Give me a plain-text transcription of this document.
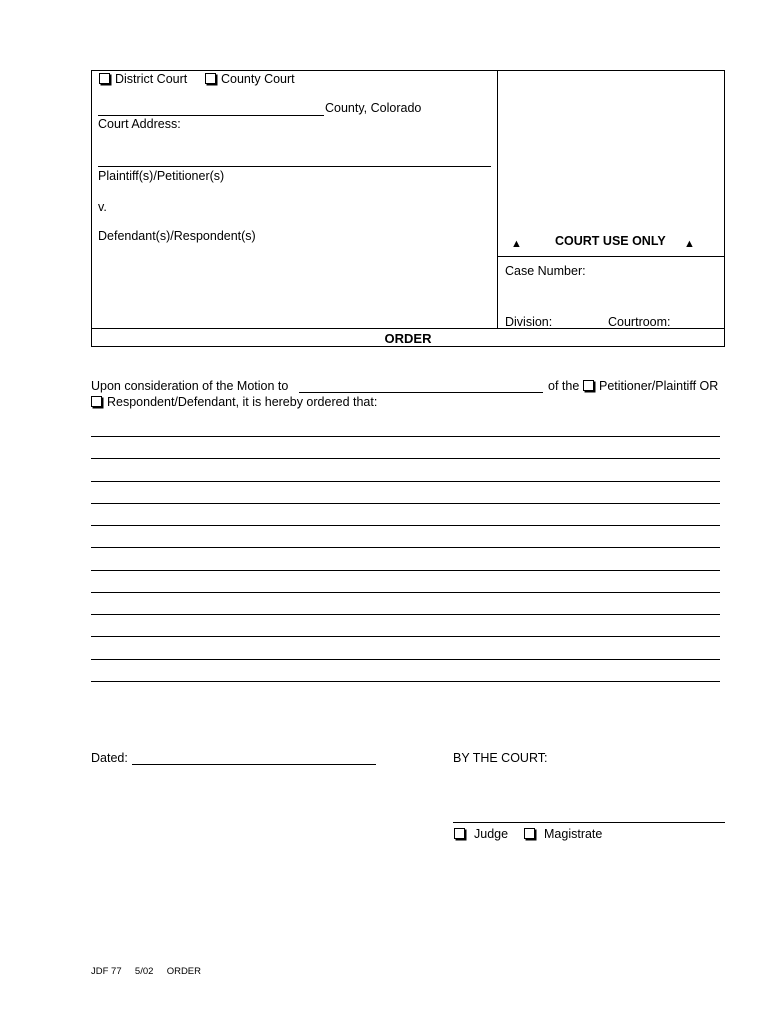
District Court	County Court
County, Colorado
Court Address:
Plaintiff(s)/Petitioner(s)
v.
Defendant(s)/Respondent(s)
▲	COURT USE ONLY ▲
Case Number:
Division:	Courtroom:
ORDER
Upon consideration of the Motion to	of the	Petitioner/Plaintiff OR
Respondent/Defendant, it is hereby ordered that:
Dated:	BY THE COURT:
Judge	Magistrate
JDF 77 5/02 ORDER
